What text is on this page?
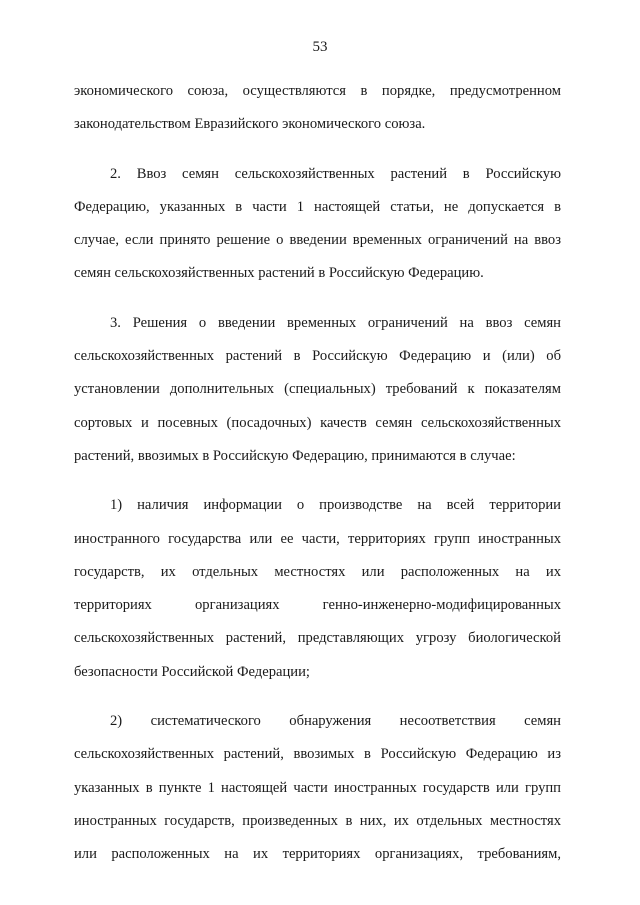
53
экономического союза, осуществляются в порядке, предусмотренном
законодательством Евразийского экономического союза.
2. Ввоз семян сельскохозяйственных растений в Российскую
Федерацию, указанных в части 1 настоящей статьи, не допускается в
случае, если принято решение о введении временных ограничений на ввоз
семян сельскохозяйственных растений в Российскую Федерацию.
3. Решения о введении временных ограничений на ввоз семян
сельскохозяйственных растений в Российскую Федерацию и (или) об
установлении дополнительных (специальных) требований к показателям
сортовых и посевных (посадочных) качеств семян сельскохозяйственных
растений, ввозимых в Российскую Федерацию, принимаются в случае:
1) наличия информации о производстве на всей территории
иностранного государства или ее части, территориях групп иностранных
государств, их отдельных местностях или расположенных на их
территориях организациях генно-инженерно-модифицированных
сельскохозяйственных растений, представляющих угрозу биологической
безопасности Российской Федерации;
2) систематического обнаружения несоответствия семян
сельскохозяйственных растений, ввозимых в Российскую Федерацию из
указанных в пункте 1 настоящей части иностранных государств или групп
иностранных государств, произведенных в них, их отдельных местностях
или расположенных на их территориях организациях, требованиям,
